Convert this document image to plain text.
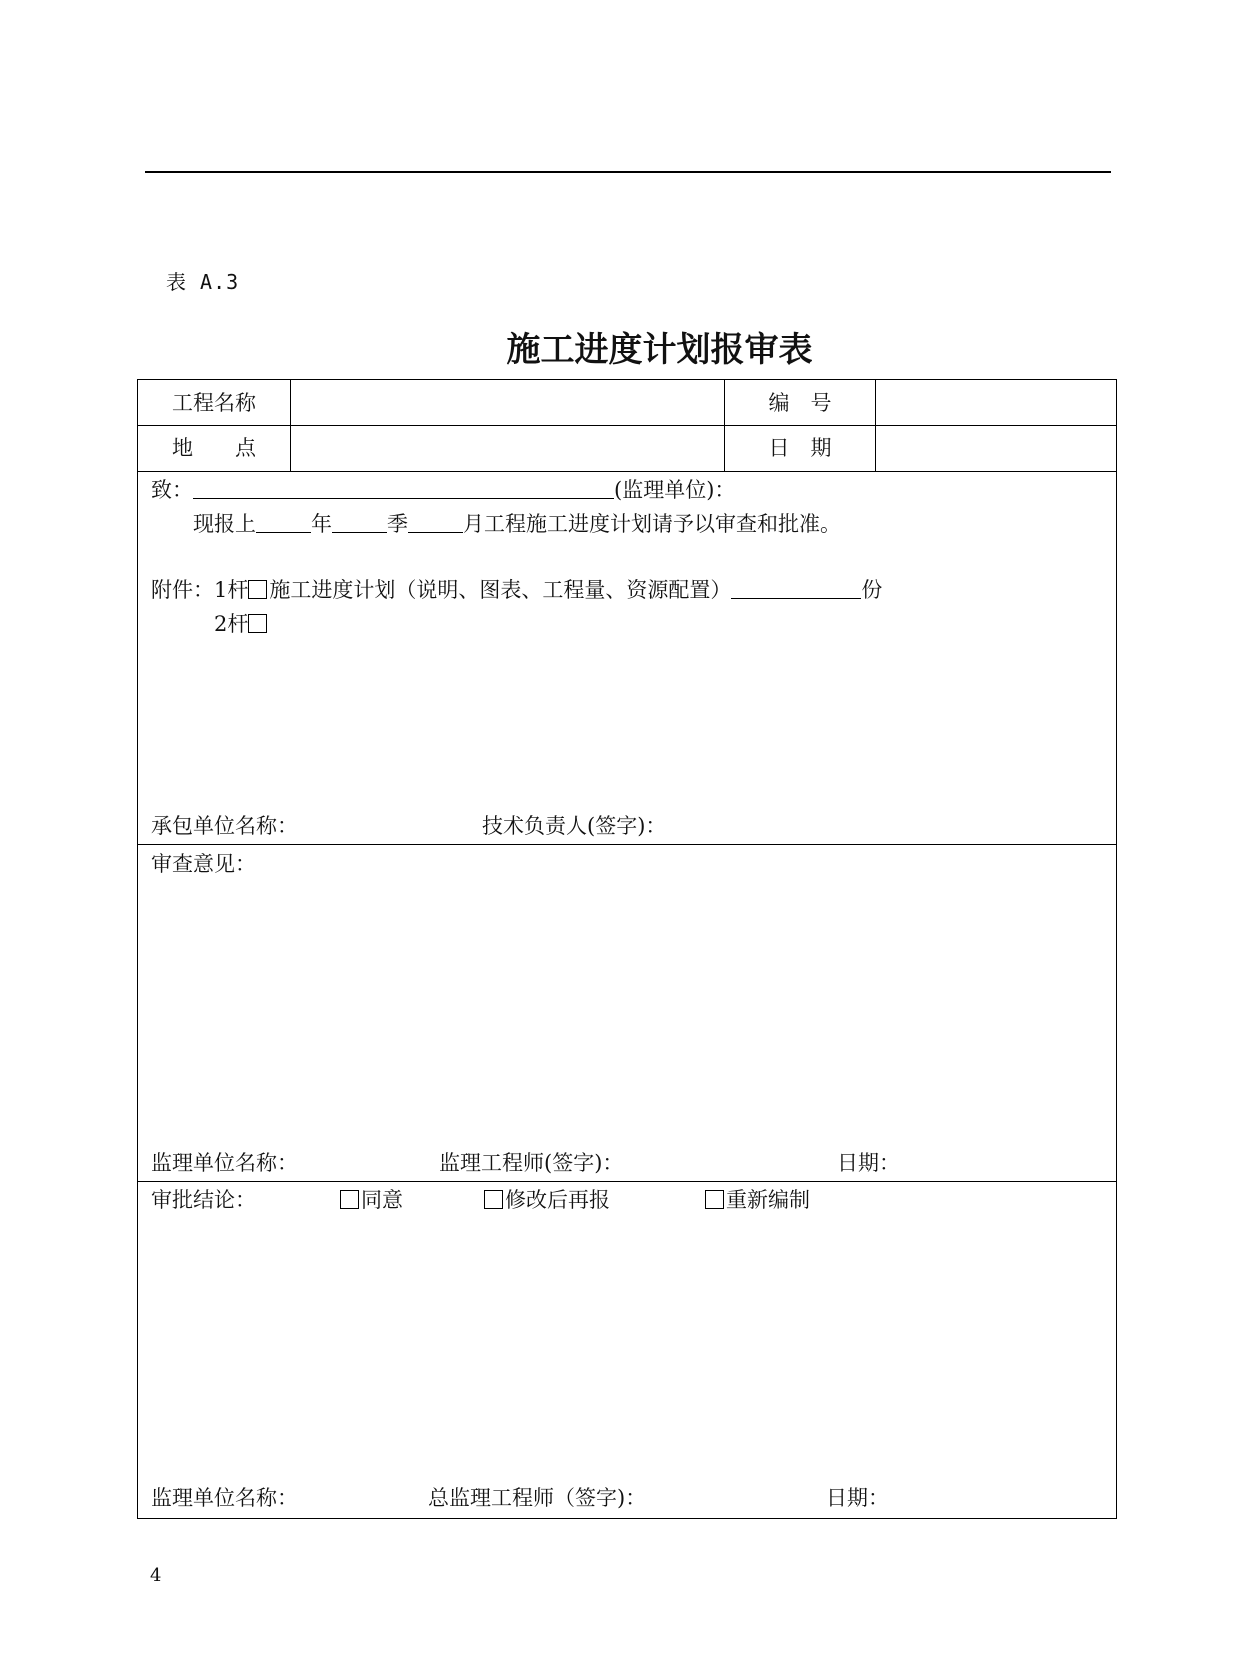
表 A.3
施工进度计划报审表
工程名称	编　号
地　　点	日　期
致：	(监理单位)：
现报上	年	季	月工程施工进度计划请予以审查和批准。
附件：1杆 施工进度计划（说明、图表、工程量、资源配置）	份
2杆
承包单位名称：	技术负责人(签字)：
审查意见：
监理单位名称：	监理工程师(签字)：	日期：
审批结论：	同意	修改后再报	重新编制
监理单位名称：	总监理工程师（签字)：	日期：
4
